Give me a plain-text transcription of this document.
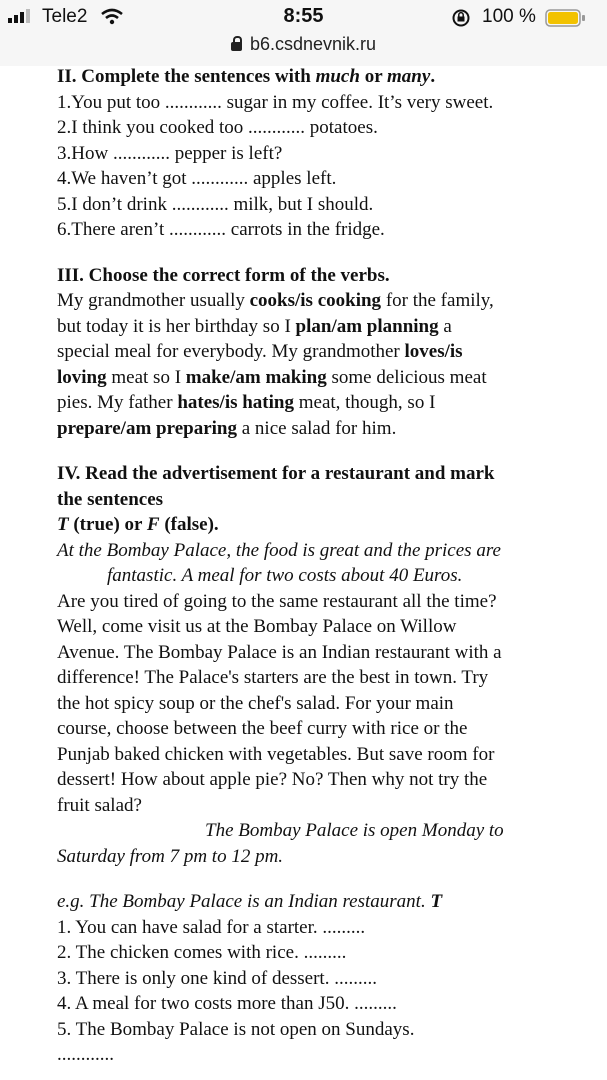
Tele2	8:55	100 %
b6.csdnevnik.ru
II. Complete the sentences with much or many.
1.You put too ............ sugar in my coffee. It’s very sweet.
2.I think you cooked too ............ potatoes.
3.How ............ pepper is left?
4.We haven’t got ............ apples left.
5.I don’t drink ............ milk, but I should.
6.There aren’t ............ carrots in the fridge.
III. Choose the correct form of the verbs.
My grandmother usually cooks/is cooking for the family,
but today it is her birthday so I plan/am planning a
special meal for everybody. My grandmother loves/is
loving meat so I make/am making some delicious meat
pies. My father hates/is hating meat, though, so I
prepare/am preparing a nice salad for him.
IV. Read the advertisement for a restaurant and mark
the sentences
T (true) or F (false).
At the Bombay Palace, the food is great and the prices are
fantastic. A meal for two costs about 40 Euros.
Are you tired of going to the same restaurant all the time?
Well, come visit us at the Bombay Palace on Willow
Avenue. The Bombay Palace is an Indian restaurant with a
difference! The Palace's starters are the best in town. Try
the hot spicy soup or the chef's salad. For your main
course, choose between the beef curry with rice or the
Punjab baked chicken with vegetables. But save room for
dessert! How about apple pie? No? Then why not try the
fruit salad?
The Bombay Palace is open Monday to
Saturday from 7 pm to 12 pm.
e.g. The Bombay Palace is an Indian restaurant. T
1. You can have salad for a starter. .........
2. The chicken comes with rice. .........
3. There is only one kind of dessert. .........
4. A meal for two costs more than J50. .........
5. The Bombay Palace is not open on Sundays.
............
